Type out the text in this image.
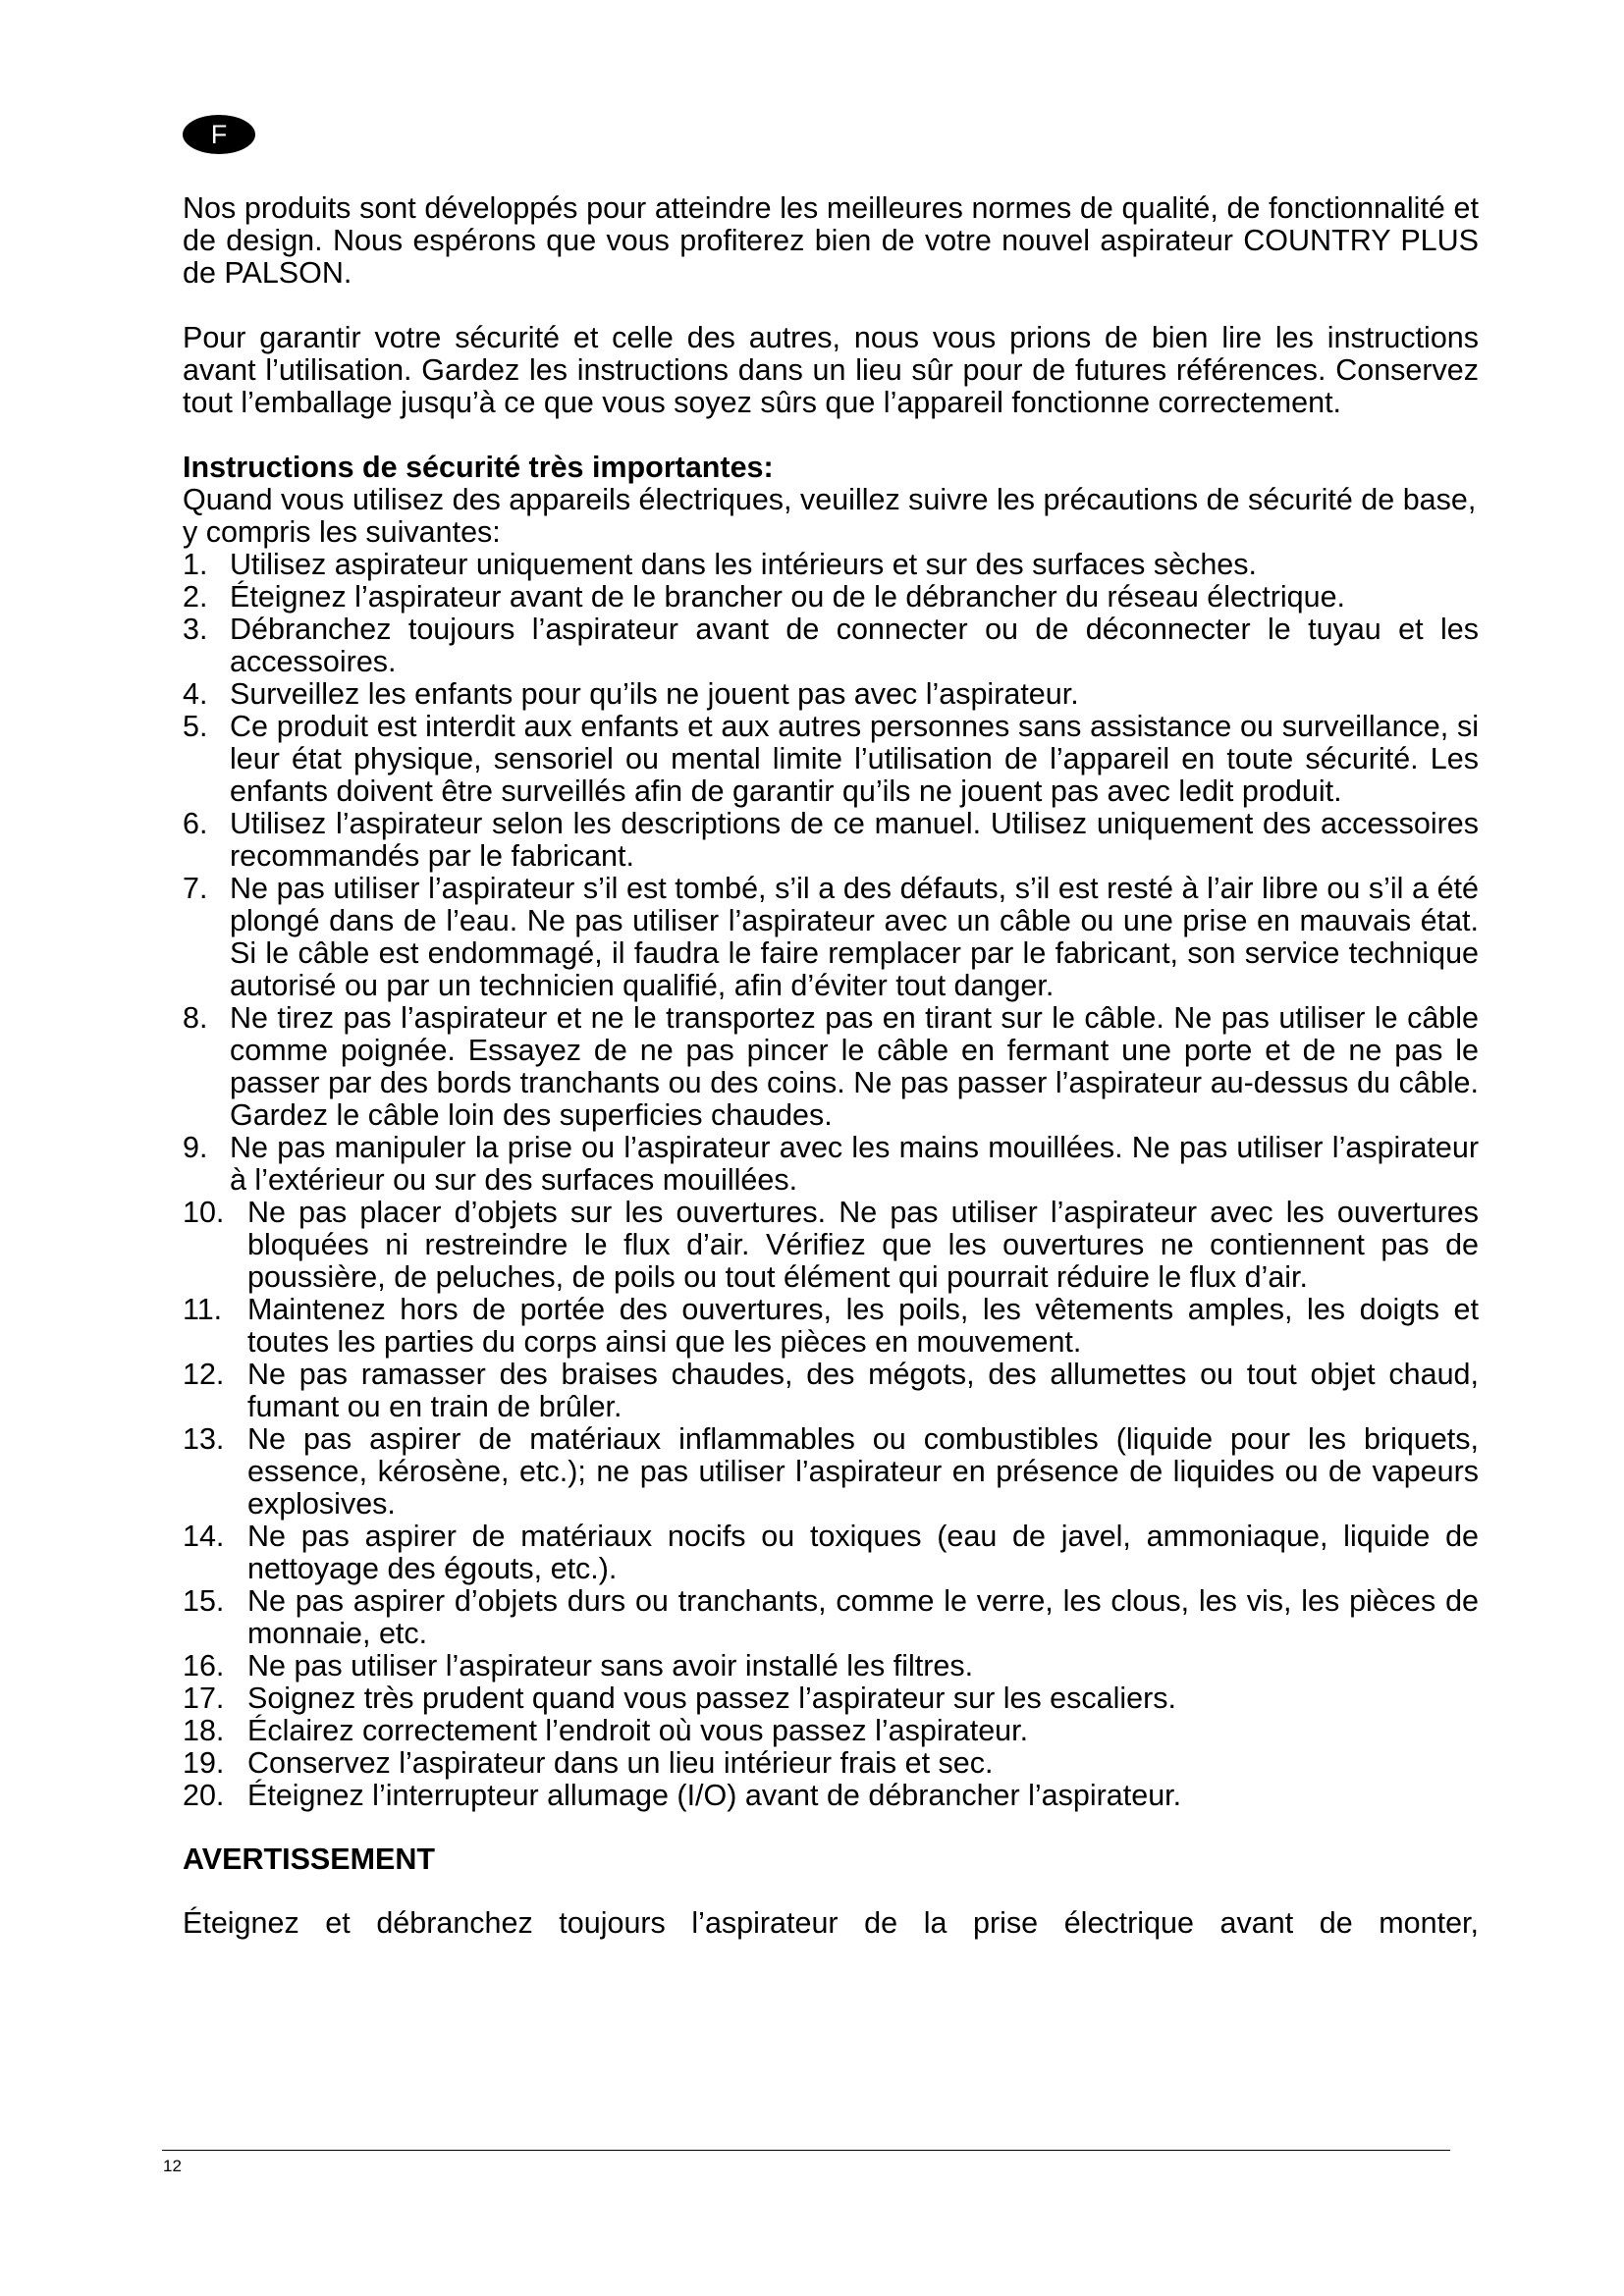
F

Nos produits sont développés pour atteindre les meilleures normes de qualité, de fonctionnalité et de design. Nous espérons que vous profiterez bien de votre nouvel aspirateur COUNTRY PLUS de PALSON.

Pour garantir votre sécurité et celle des autres, nous vous prions de bien lire les instructions avant l’utilisation. Gardez les instructions dans un lieu sûr pour de futures références. Conservez tout l’emballage jusqu’à ce que vous soyez sûrs que l’appareil fonctionne correctement.

Instructions de sécurité très importantes:

Quand vous utilisez des appareils électriques, veuillez suivre les précautions de sécurité de base, y compris les suivantes:

1. Utilisez aspirateur uniquement dans les intérieurs et sur des surfaces sèches.
2. Éteignez l’aspirateur avant de le brancher ou de le débrancher du réseau électrique.
3. Débranchez toujours l’aspirateur avant de connecter ou de déconnecter le tuyau et les accessoires.
4. Surveillez les enfants pour qu’ils ne jouent pas avec l’aspirateur.
5. Ce produit est interdit aux enfants et aux autres personnes sans assistance ou surveillance, si leur état physique, sensoriel ou mental limite l’utilisation de l’appareil en toute sécurité. Les enfants doivent être surveillés afin de garantir qu’ils ne jouent pas avec ledit produit.
6. Utilisez l’aspirateur selon les descriptions de ce manuel. Utilisez uniquement des accessoires recommandés par le fabricant.
7. Ne pas utiliser l’aspirateur s’il est tombé, s’il a des défauts, s’il est resté à l’air libre ou s’il a été plongé dans de l’eau. Ne pas utiliser l’aspirateur avec un câble ou une prise en mauvais état. Si le câble est endommagé, il faudra le faire remplacer par le fabricant, son service technique autorisé ou par un technicien qualifié, afin d’éviter tout danger.
8. Ne tirez pas l’aspirateur et ne le transportez pas en tirant sur le câble. Ne pas utiliser le câble comme poignée. Essayez de ne pas pincer le câble en fermant une porte et de ne pas le passer par des bords tranchants ou des coins. Ne pas passer l’aspirateur au-dessus du câble. Gardez le câble loin des superficies chaudes.
9. Ne pas manipuler la prise ou l’aspirateur avec les mains mouillées. Ne pas utiliser l’aspirateur à l’extérieur ou sur des surfaces mouillées.
10. Ne pas placer d’objets sur les ouvertures. Ne pas utiliser l’aspirateur avec les ouvertures bloquées ni restreindre le flux d’air. Vérifiez que les ouvertures ne contiennent pas de poussière, de peluches, de poils ou tout élément qui pourrait réduire le flux d’air.
11. Maintenez hors de portée des ouvertures, les poils, les vêtements amples, les doigts et toutes les parties du corps ainsi que les pièces en mouvement.
12. Ne pas ramasser des braises chaudes, des mégots, des allumettes ou tout objet chaud, fumant ou en train de brûler.
13. Ne pas aspirer de matériaux inflammables ou combustibles (liquide pour les briquets, essence, kérosène, etc.); ne pas utiliser l’aspirateur en présence de liquides ou de vapeurs explosives.
14. Ne pas aspirer de matériaux nocifs ou toxiques (eau de javel, ammoniaque, liquide de nettoyage des égouts, etc.).
15. Ne pas aspirer d’objets durs ou tranchants, comme le verre, les clous, les vis, les pièces de monnaie, etc.
16. Ne pas utiliser l’aspirateur sans avoir installé les filtres.
17. Soignez très prudent quand vous passez l’aspirateur sur les escaliers.
18. Éclairez correctement l’endroit où vous passez l’aspirateur.
19. Conservez l’aspirateur dans un lieu intérieur frais et sec.
20. Éteignez l’interrupteur allumage (I/O) avant de débrancher l’aspirateur.

AVERTISSEMENT

Éteignez et débranchez toujours l’aspirateur de la prise électrique avant de monter,

12
